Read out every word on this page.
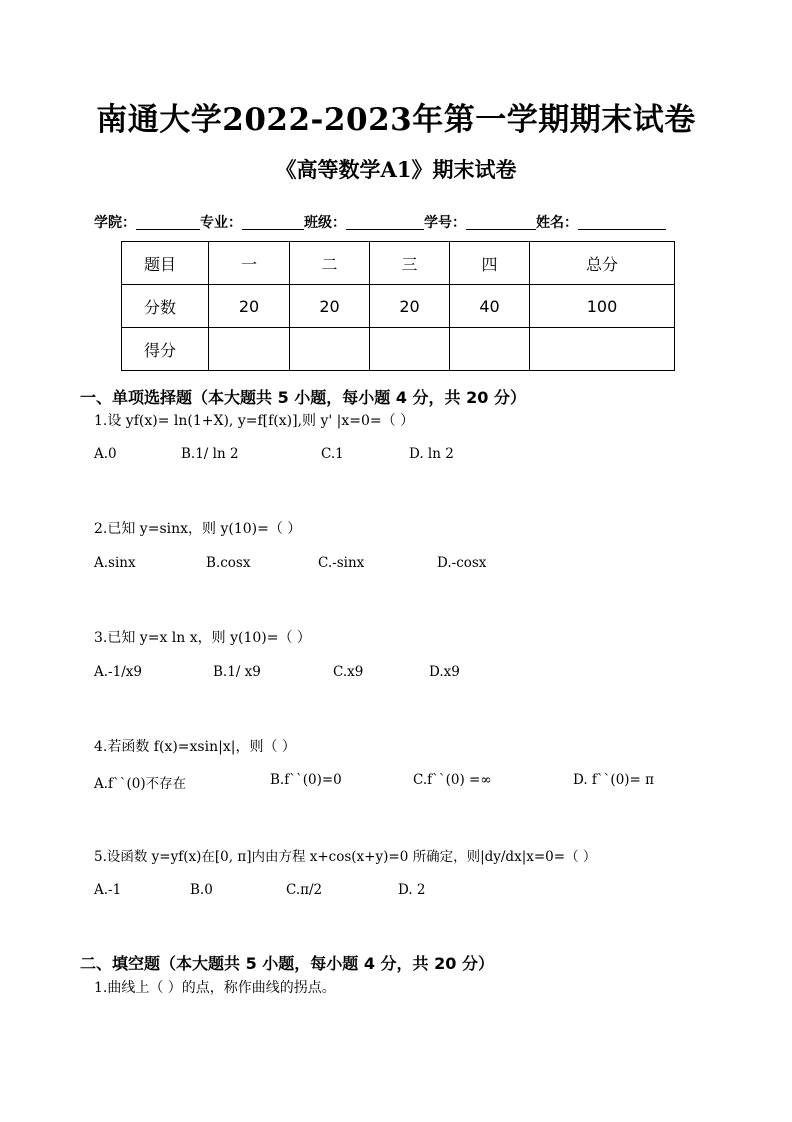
南通大学2022-2023年第一学期期末试卷
《高等数学A1》期末试卷
学院：	专业：	班级：	学号：	姓名：
题目	一	二	三	四	总分
分数	20	20	20	40	100
得分					
一、单项选择题（本大题共 5 小题，每小题 4 分，共 20 分）
1.设 yf(x)= ln(1+X), y=f[f(x)],则 y' |x=0=（ ）
A.0	B.1/ ln 2	C.1	D. ln 2
2.已知 y=sinx，则 y(10)=（ ）
A.sinx	B.cosx	C.-sinx	D.-cosx
3.已知 y=x ln x，则 y(10)=（ ）
A.-1/x9	B.1/ x9	C.x9	D.x9
4.若函数 f(x)=xsin|x|，则（ ）
A.f``(0)不存在	B.f``(0)=0	C.f``(0) =∞	D. f``(0)= π
5.设函数 y=yf(x)在[0, π]内由方程 x+cos(x+y)=0 所确定，则|dy/dx|x=0=（ ）
A.-1	B.0	C.π/2	D. 2
二、填空题（本大题共 5 小题，每小题 4 分，共 20 分）
1.曲线上（ ）的点，称作曲线的拐点。
